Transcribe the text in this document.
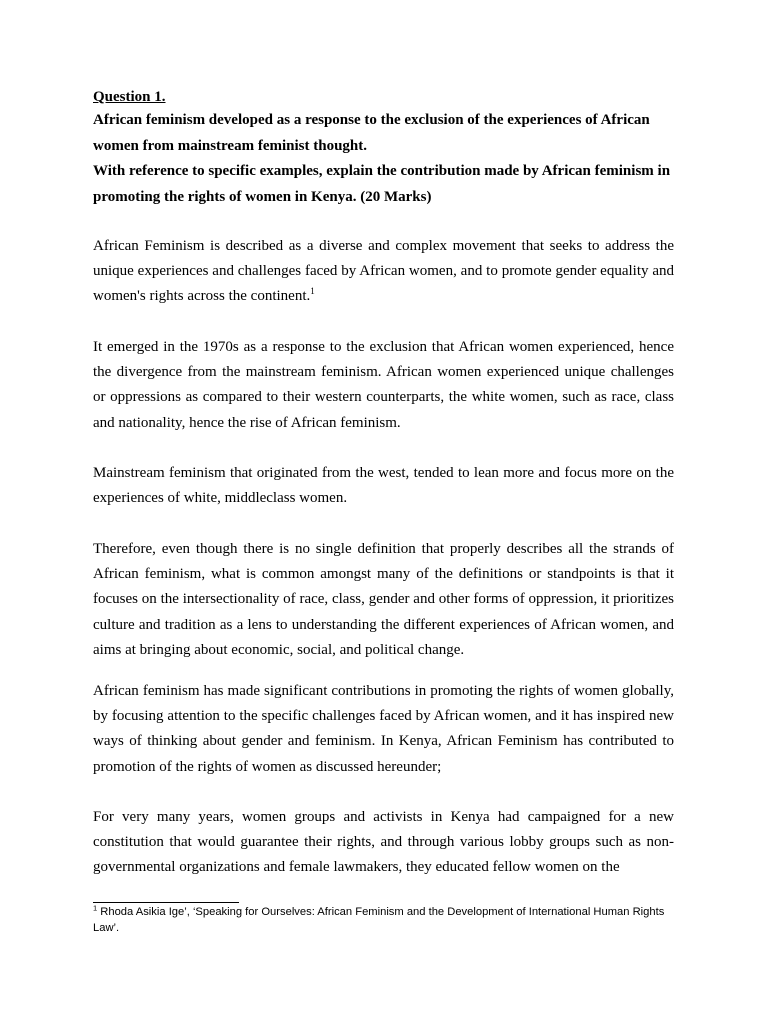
Question 1.

African feminism developed as a response to the exclusion of the experiences of African women from mainstream feminist thought.

With reference to specific examples, explain the contribution made by African feminism in promoting the rights of women in Kenya. (20 Marks)

African Feminism is described as a diverse and complex movement that seeks to address the unique experiences and challenges faced by African women, and to promote gender equality and women's rights across the continent.$^1$

It emerged in the 1970s as a response to the exclusion that African women experienced, hence the divergence from the mainstream feminism. African women experienced unique challenges or oppressions as compared to their western counterparts, the white women, such as race, class and nationality, hence the rise of African feminism.

Mainstream feminism that originated from the west, tended to lean more and focus more on the experiences of white, middleclass women.

Therefore, even though there is no single definition that properly describes all the strands of African feminism, what is common amongst many of the definitions or standpoints is that it focuses on the intersectionality of race, class, gender and other forms of oppression, it prioritizes culture and tradition as a lens to understanding the different experiences of African women, and aims at bringing about economic, social, and political change.

African feminism has made significant contributions in promoting the rights of women globally, by focusing attention to the specific challenges faced by African women, and it has inspired new ways of thinking about gender and feminism. In Kenya, African Feminism has contributed to promotion of the rights of women as discussed hereunder;

For very many years, women groups and activists in Kenya had campaigned for a new constitution that would guarantee their rights, and through various lobby groups such as non-governmental organizations and female lawmakers, they educated fellow women on the

$^1$ Rhoda Asikia Ige’, ‘Speaking for Ourselves: African Feminism and the Development of International Human Rights Law’.
